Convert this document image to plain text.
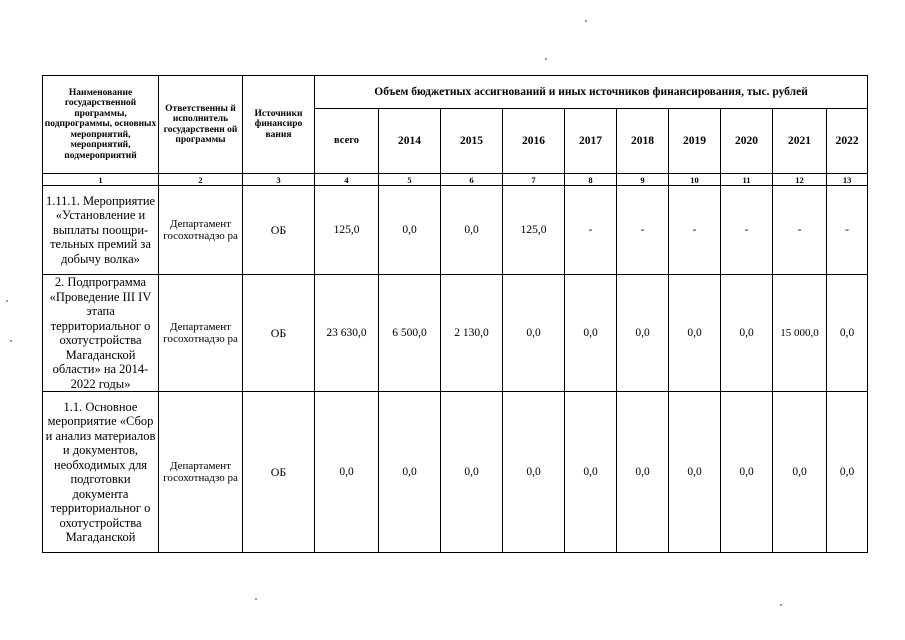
Наименование государственной программы, подпрограммы, основных мероприятий, мероприятий, подмероприятий	Ответственны й исполнитель государственн ой программы	Источники финансиро вания	Объем бюджетных ассигнований и иных источников финансирования, тыс. рублей									
			всего	2014	2015	2016	2017	2018	2019	2020	2021	2022
1	2	3	4	5	6	7	8	9	10	11	12	13
1.11.1. Мероприятие «Установление и выплаты поощри-тельных премий за добычу волка»	Департамент госохотнадзо ра	ОБ	125,0	0,0	0,0	125,0	-	-	-	-	-	-
2. Подпрограмма «Проведение III IV этапа территориальног о охотустройства Магаданской области» на 2014-2022 годы»	Департамент госохотнадзо ра	ОБ	23 630,0	6 500,0	2 130,0	0,0	0,0	0,0	0,0	0,0	15 000,0	0,0
1.1. Основное мероприятие «Сбор и анализ материалов и документов, необходимых для подготовки документа территориальног о охотустройства Магаданской	Департамент госохотнадзо ра	ОБ	0,0	0,0	0,0	0,0	0,0	0,0	0,0	0,0	0,0	0,0
